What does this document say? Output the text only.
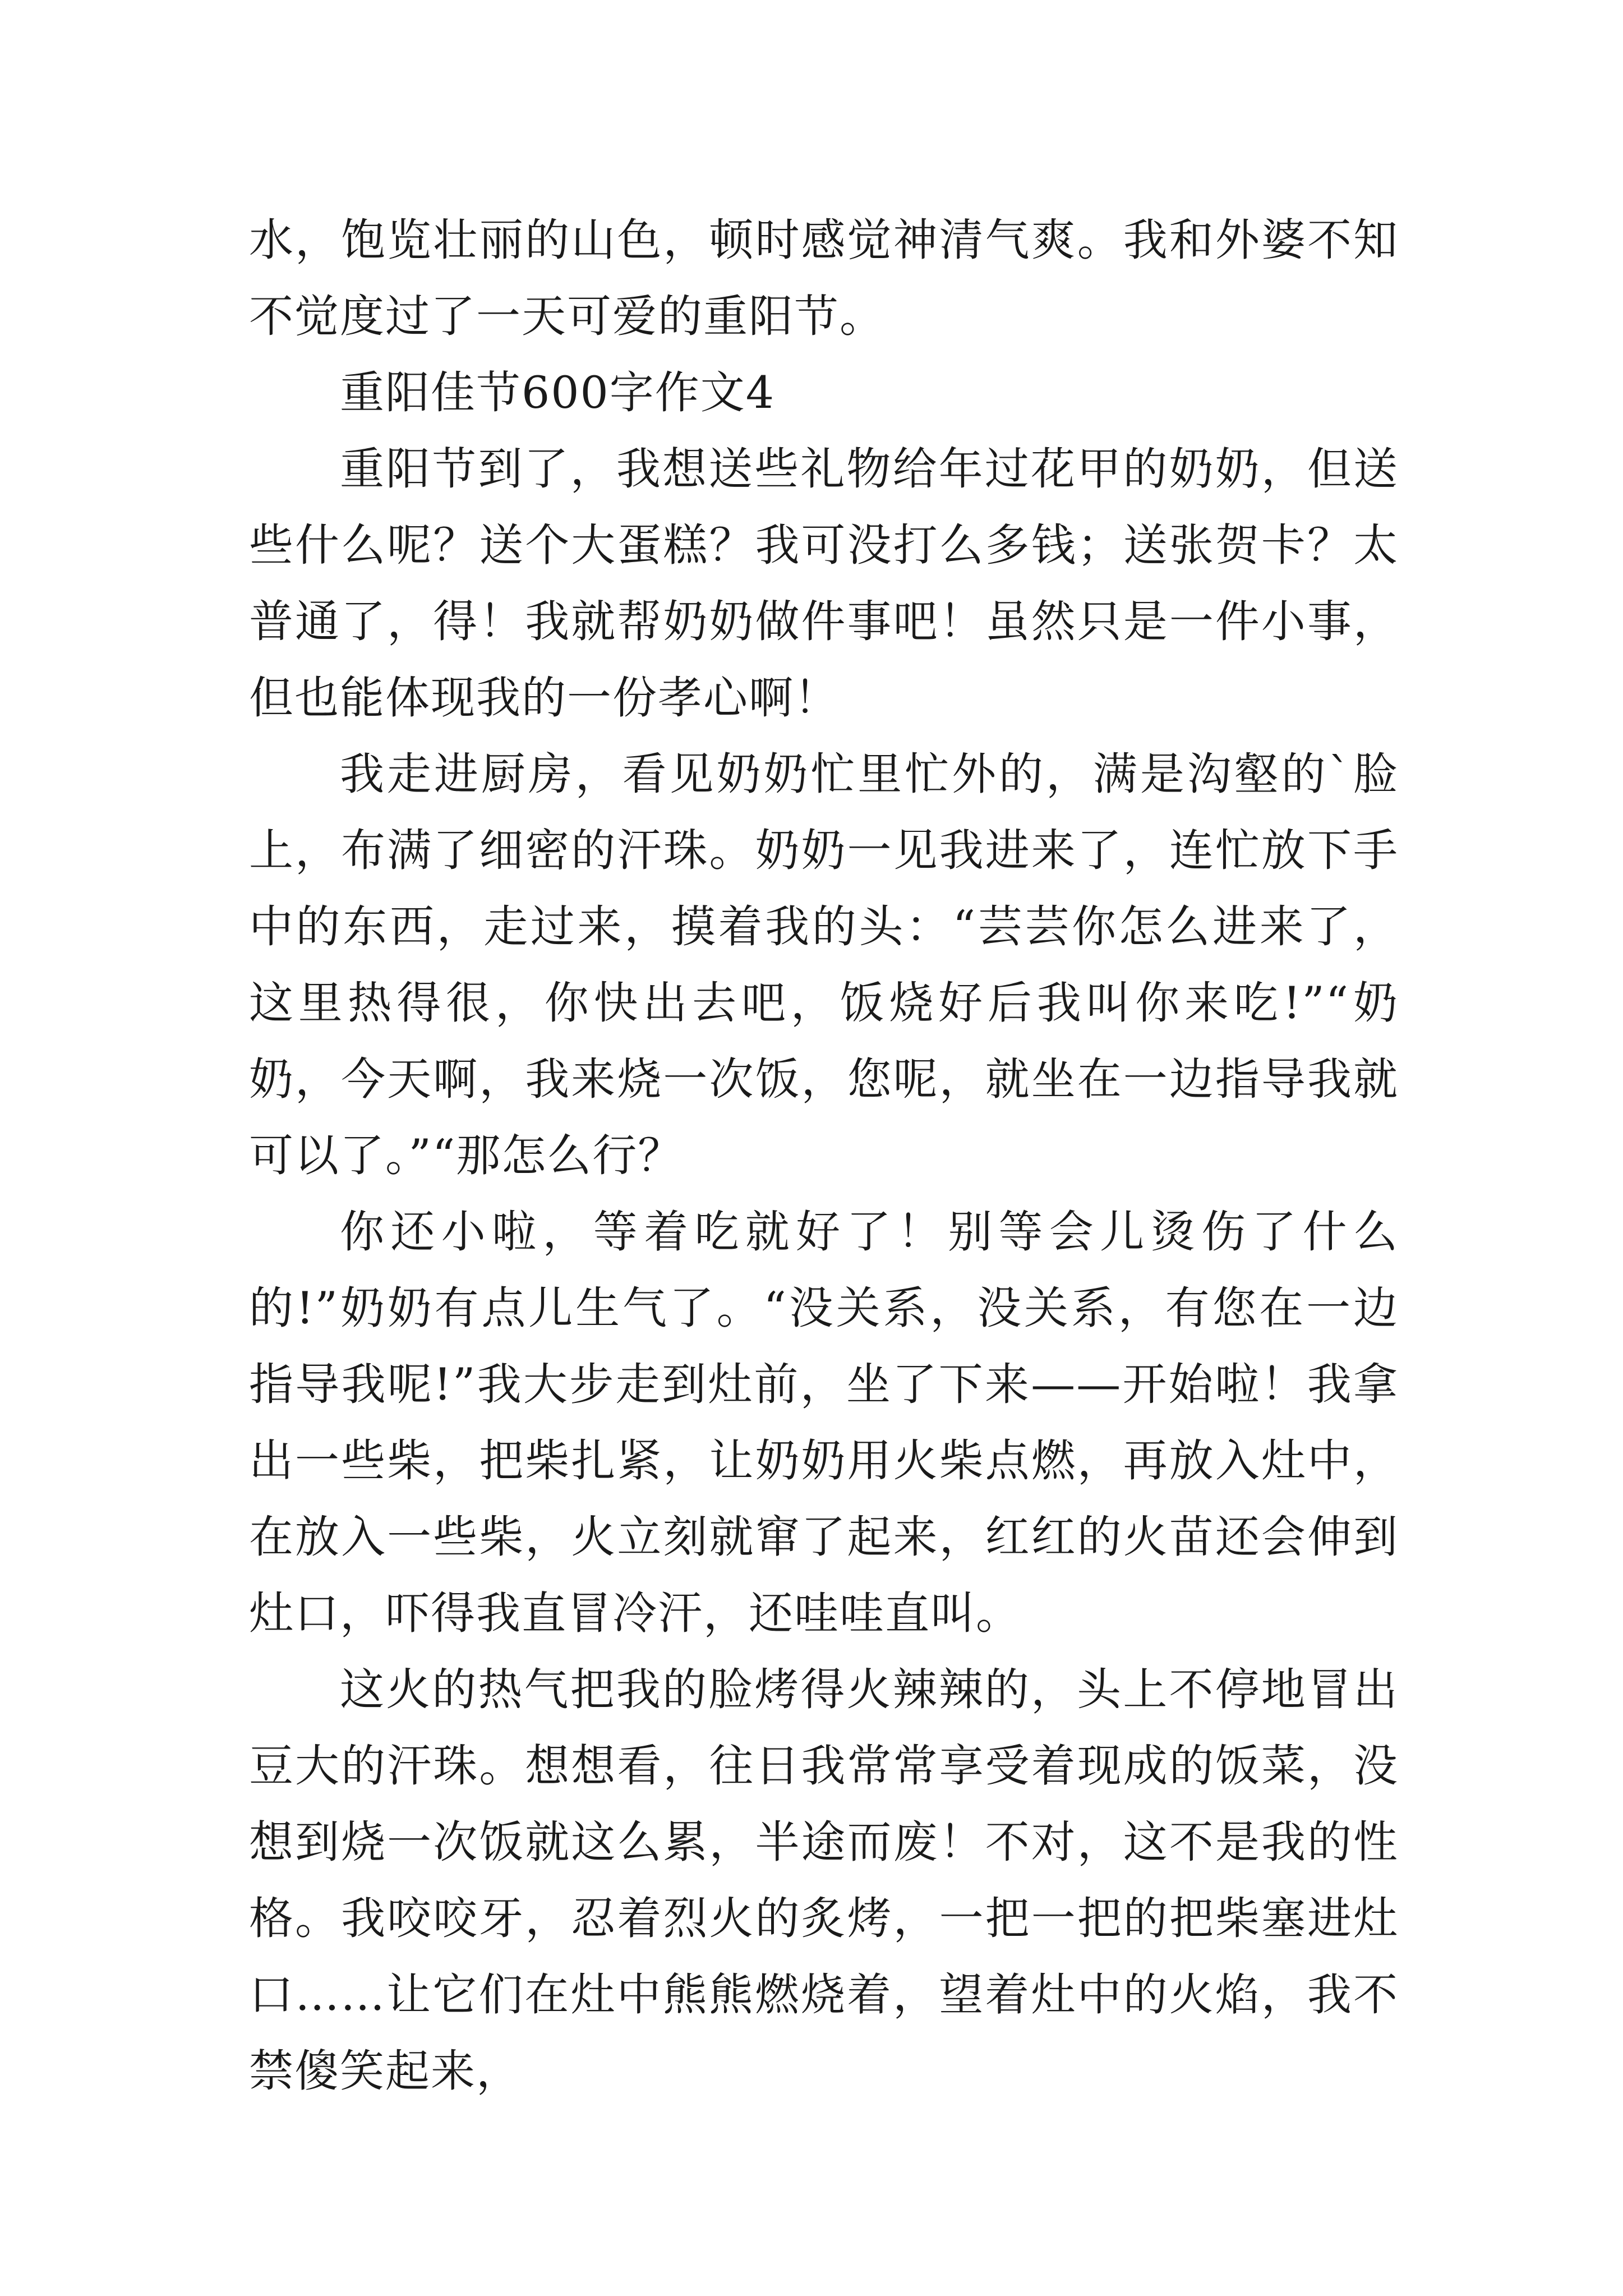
水，饱览壮丽的山色，顿时感觉神清气爽。我和外婆不知不觉度过了一天可爱的重阳节。

重阳佳节600字作文4

重阳节到了，我想送些礼物给年过花甲的奶奶，但送些什么呢？送个大蛋糕？我可没打么多钱；送张贺卡？太普通了，得！我就帮奶奶做件事吧！虽然只是一件小事，但也能体现我的一份孝心啊！

我走进厨房，看见奶奶忙里忙外的，满是沟壑的`脸上，布满了细密的汗珠。奶奶一见我进来了，连忙放下手中的东西，走过来，摸着我的头：“芸芸你怎么进来了，这里热得很，你快出去吧，饭烧好后我叫你来吃!”“奶奶，今天啊，我来烧一次饭，您呢，就坐在一边指导我就可以了。”“那怎么行？

你还小啦，等着吃就好了！别等会儿烫伤了什么的!”奶奶有点儿生气了。“没关系，没关系，有您在一边指导我呢!”我大步走到灶前，坐了下来——开始啦！我拿出一些柴，把柴扎紧，让奶奶用火柴点燃，再放入灶中，在放入一些柴，火立刻就窜了起来，红红的火苗还会伸到灶口，吓得我直冒冷汗，还哇哇直叫。

这火的热气把我的脸烤得火辣辣的，头上不停地冒出豆大的汗珠。想想看，往日我常常享受着现成的饭菜，没想到烧一次饭就这么累，半途而废！不对，这不是我的性格。我咬咬牙，忍着烈火的炙烤，一把一把的把柴塞进灶口……让它们在灶中熊熊燃烧着，望着灶中的火焰，我不禁傻笑起来，
